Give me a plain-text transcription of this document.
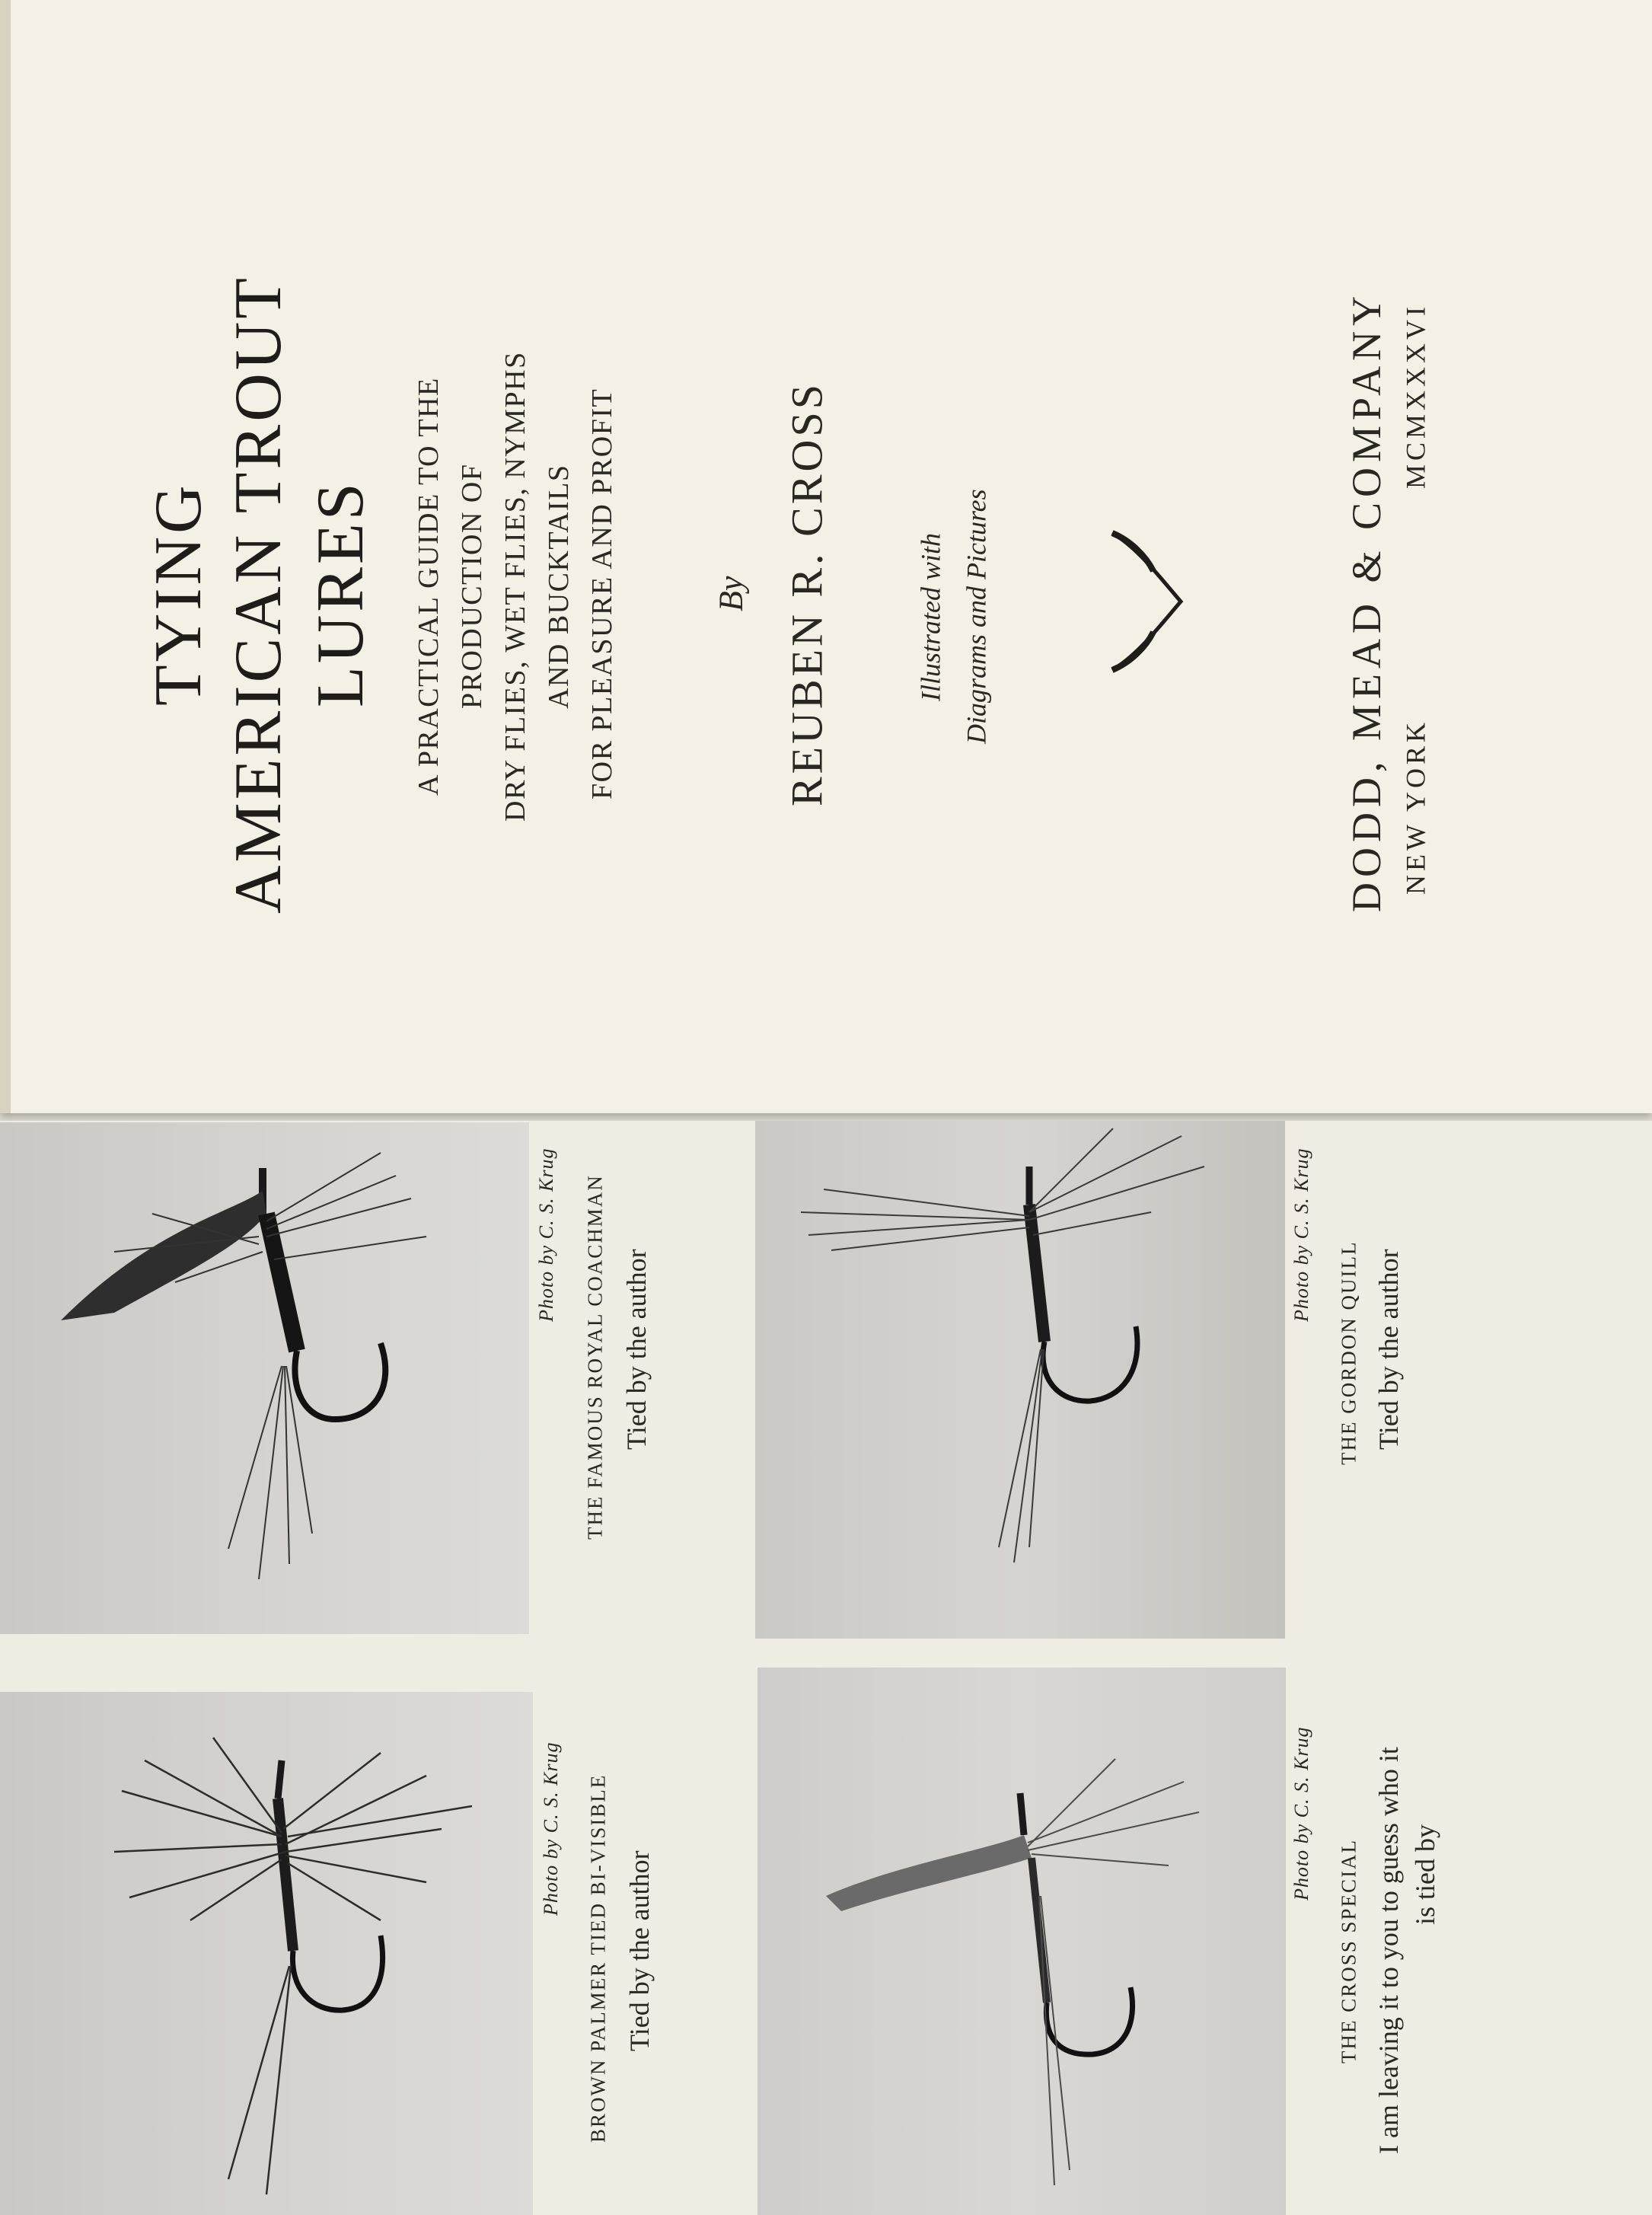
TYING AMERICAN TROUT LURES A PRACTICAL GUIDE TO THE PRODUCTION OF DRY FLIES, WET FLIES, NYMPHS AND BUCKTAILS FOR PLEASURE AND PROFIT	By REUBEN R. CROSS	Illustrated with Diagrams and Pictures	DODD, MEAD & COMPANY NEW YORK
MCMXXXVI
Photo by C. S. Krug THE FAMOUS ROYAL COACHMAN Tied by the author
Photo by C. S. Krug
THE GORDON QUILL Tied by the author
Photo by C. S. Krug BROWN PALMER TIED BI-VISIBLE Tied by the author
Photo by C. S. Krug
THE CROSS SPECIAL I am leaving it to you to guess who it is tied by
